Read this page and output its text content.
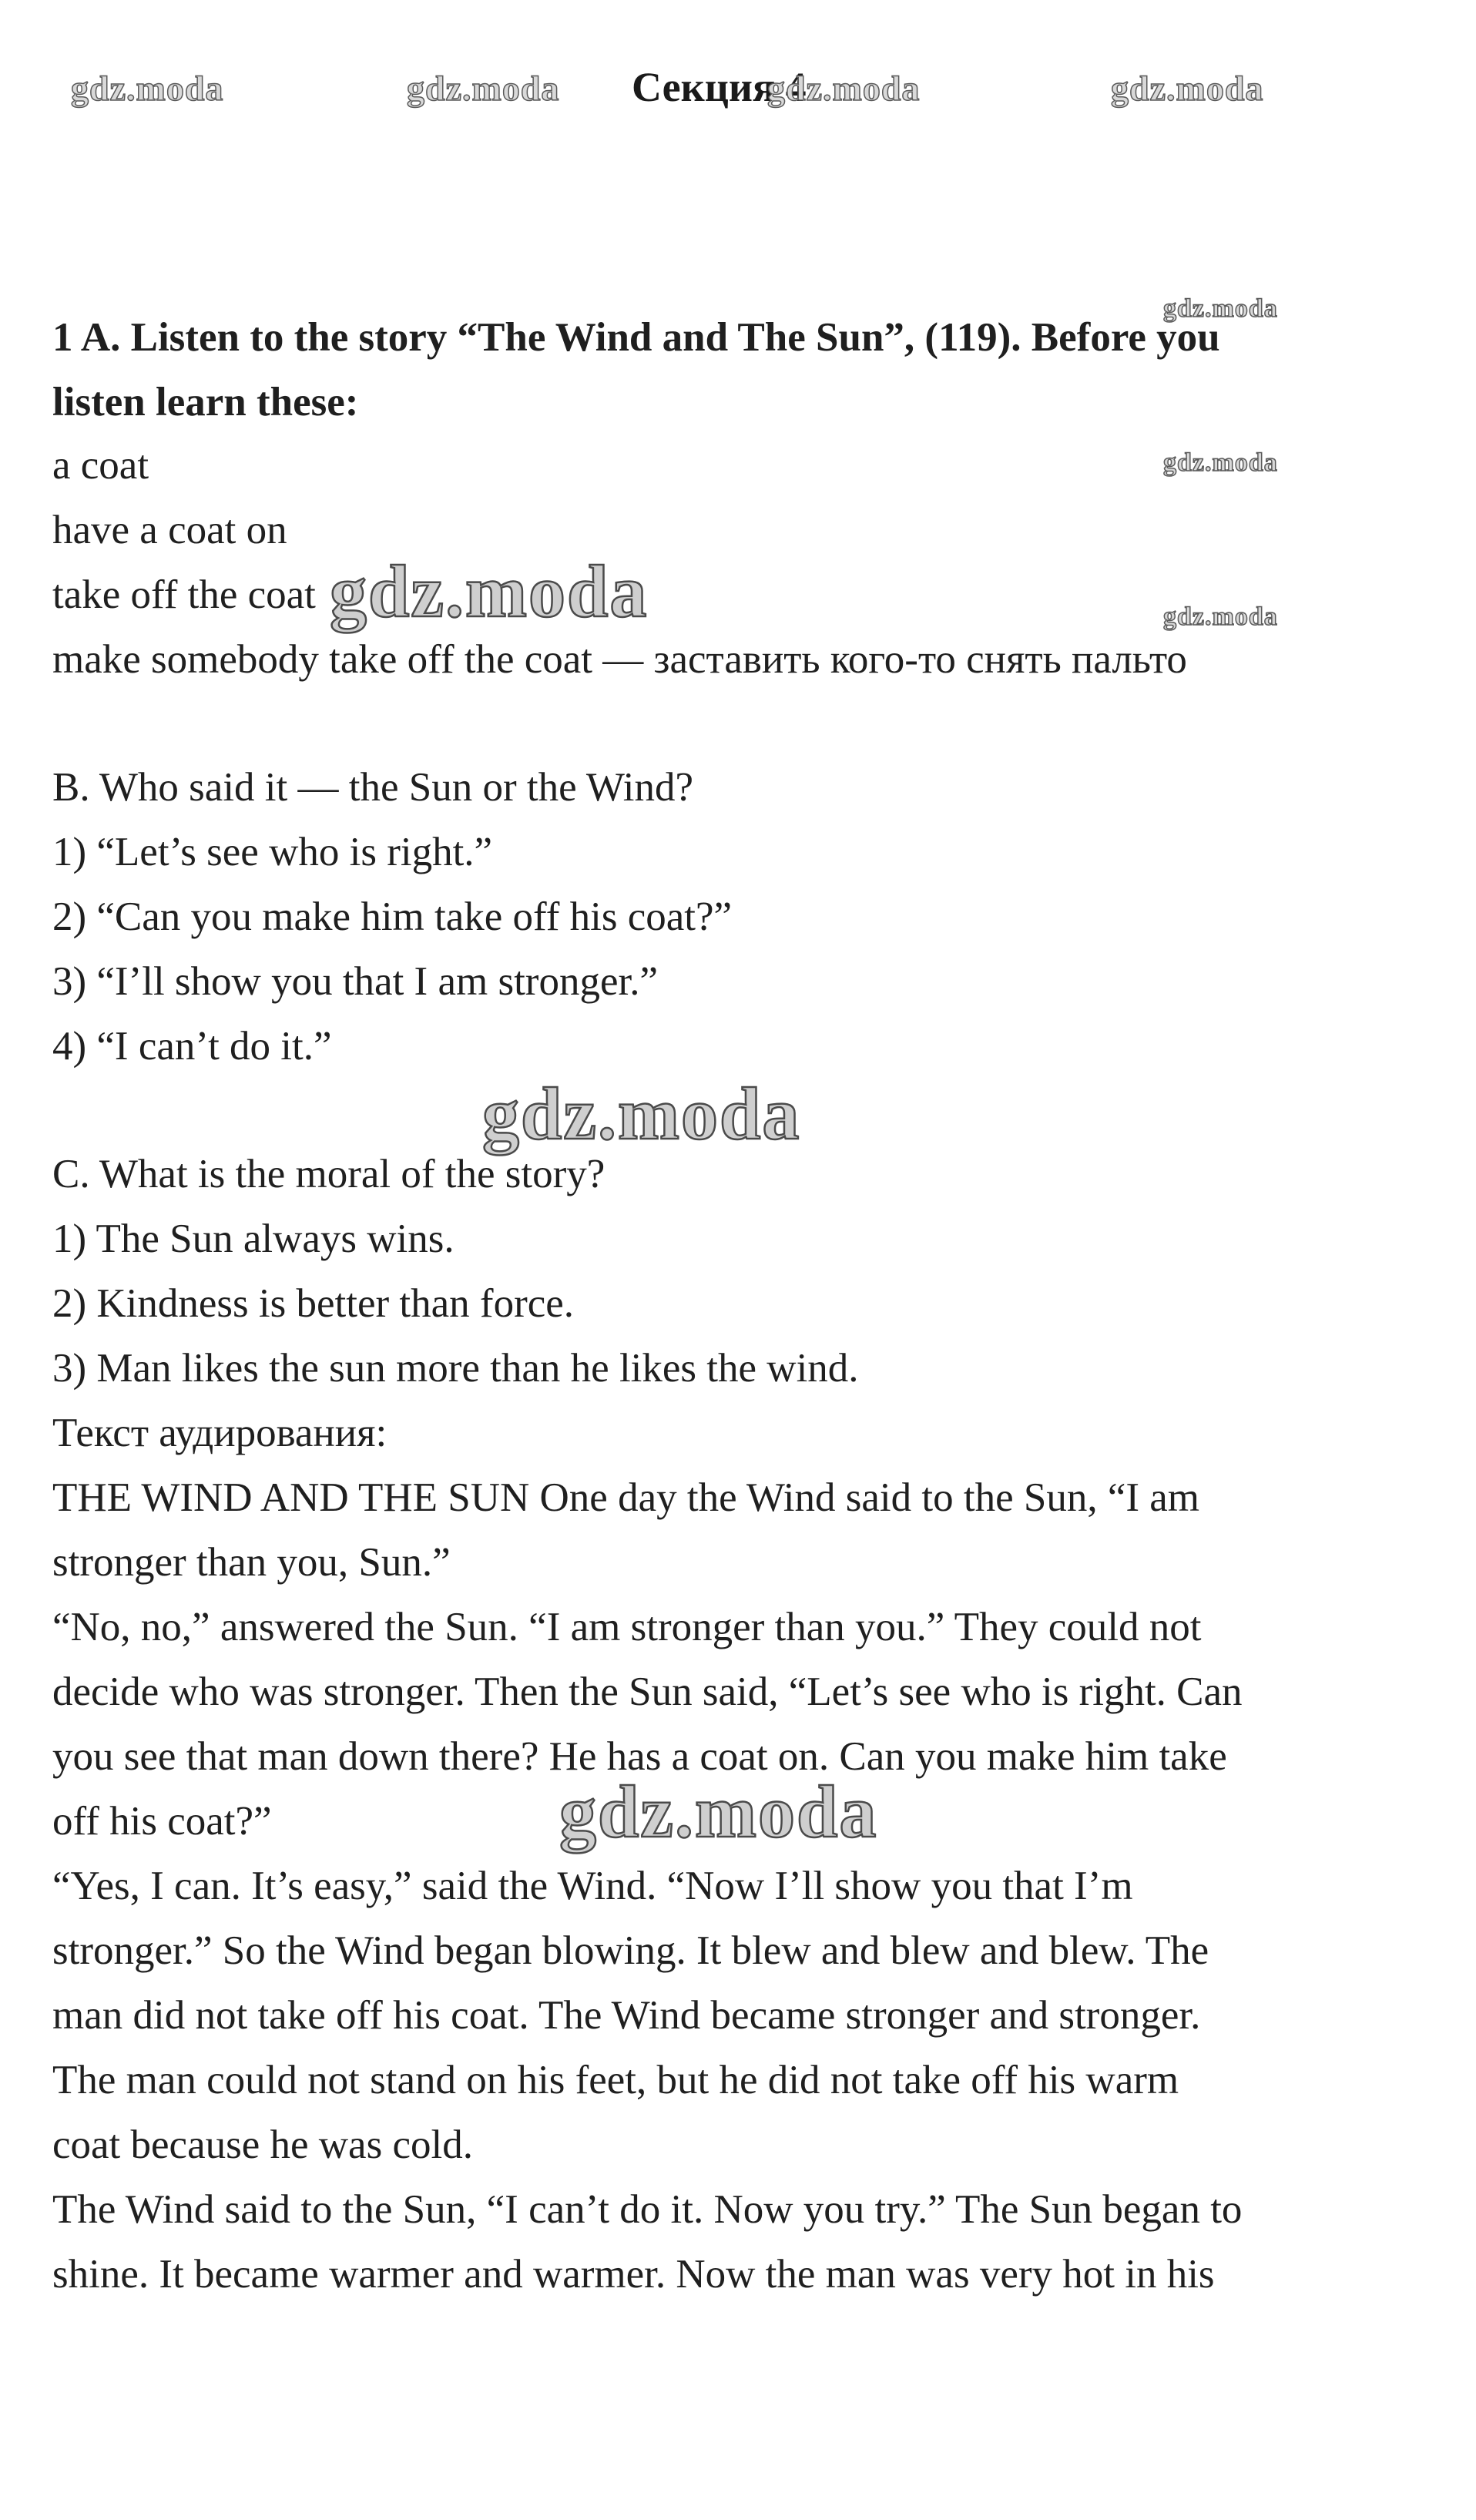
gdz.moda	gdz.moda Секция 4
gdz.moda	gdz.moda
gdz.moda
1 A. Listen to the story “The Wind and The Sun”, (119). Before you
listen learn these:
a coat	gdz.moda
have a coat on
take off the coat gdz.moda	gdz.moda
make somebody take off the coat — заставить кого-то снять пальто
B. Who said it — the Sun or the Wind?
1) “Let’s see who is right.”
2) “Can you make him take off his coat?”
3) “I’ll show you that I am stronger.”
4) “I can’t do it.”
gdz.moda
C. What is the moral of the story?
1) The Sun always wins.
2) Kindness is better than force.
3) Man likes the sun more than he likes the wind.
Текст аудирования:
THE WIND AND THE SUN One day the Wind said to the Sun, “I am
stronger than you, Sun.”
“No, no,” answered the Sun. “I am stronger than you.” They could not
decide who was stronger. Then the Sun said, “Let’s see who is right. Can
you see that man down there? He has a coat on. Can you make him take
off his coat?”	gdz.moda
“Yes, I can. It’s easy,” said the Wind. “Now I’ll show you that I’m
stronger.” So the Wind began blowing. It blew and blew and blew. The
man did not take off his coat. The Wind became stronger and stronger.
The man could not stand on his feet, but he did not take off his warm
coat because he was cold.
The Wind said to the Sun, “I can’t do it. Now you try.” The Sun began to
shine. It became warmer and warmer. Now the man was very hot in his
